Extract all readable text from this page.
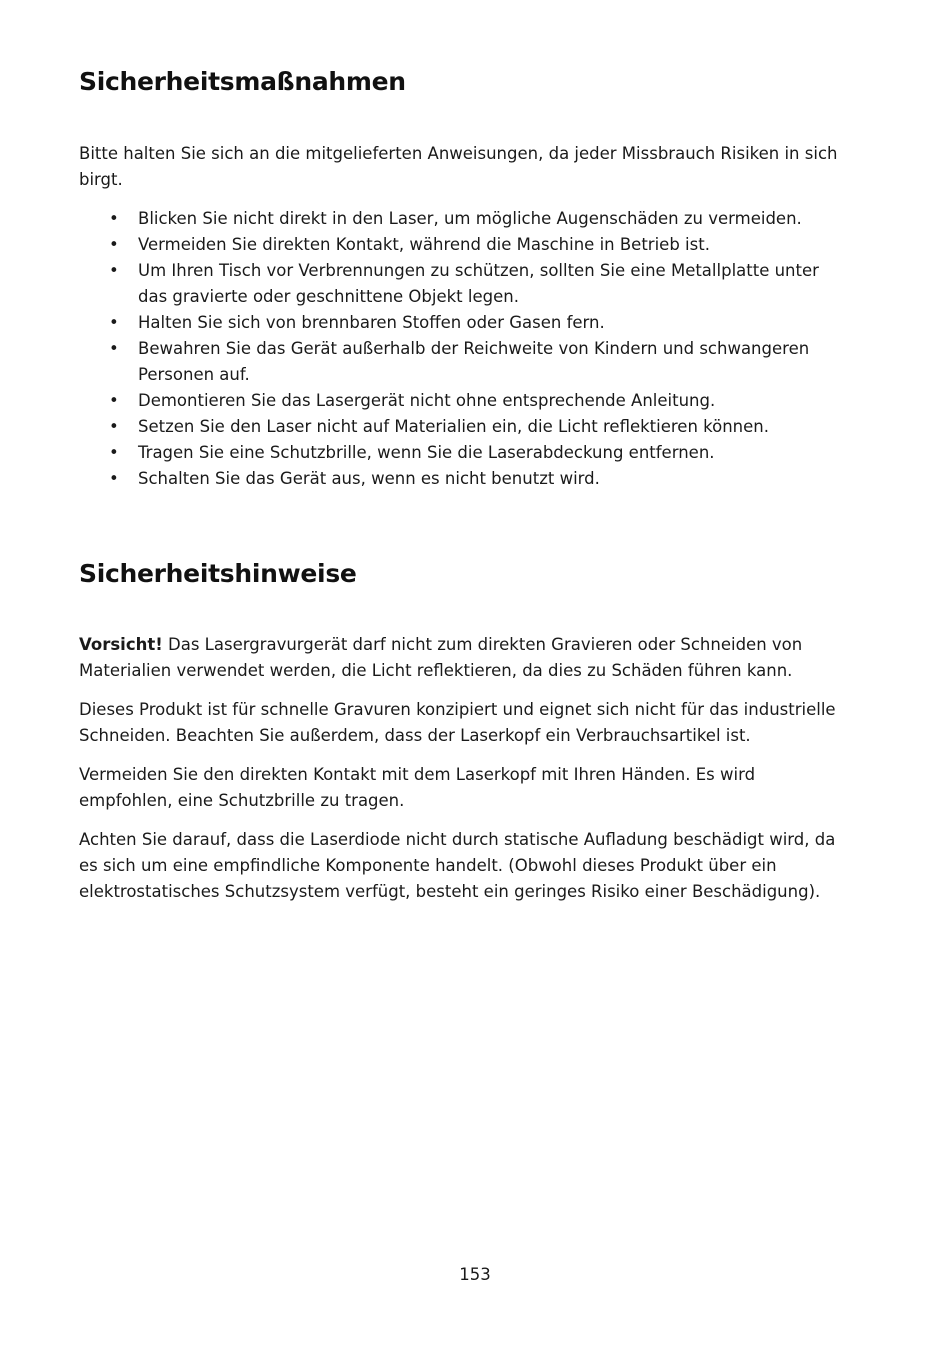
Sicherheitsmaßnahmen

Bitte halten Sie sich an die mitgelieferten Anweisungen, da jeder Missbrauch Risiken in sich birgt.

• Blicken Sie nicht direkt in den Laser, um mögliche Augenschäden zu vermeiden.
• Vermeiden Sie direkten Kontakt, während die Maschine in Betrieb ist.
• Um Ihren Tisch vor Verbrennungen zu schützen, sollten Sie eine Metallplatte unter das gravierte oder geschnittene Objekt legen.
• Halten Sie sich von brennbaren Stoffen oder Gasen fern.
• Bewahren Sie das Gerät außerhalb der Reichweite von Kindern und schwangeren Personen auf.
• Demontieren Sie das Lasergerät nicht ohne entsprechende Anleitung.
• Setzen Sie den Laser nicht auf Materialien ein, die Licht reflektieren können.
• Tragen Sie eine Schutzbrille, wenn Sie die Laserabdeckung entfernen.
• Schalten Sie das Gerät aus, wenn es nicht benutzt wird.
Sicherheitshinweise

Vorsicht! Das Lasergravurgerät darf nicht zum direkten Gravieren oder Schneiden von Materialien verwendet werden, die Licht reflektieren, da dies zu Schäden führen kann.

Dieses Produkt ist für schnelle Gravuren konzipiert und eignet sich nicht für das industrielle Schneiden. Beachten Sie außerdem, dass der Laserkopf ein Verbrauchsartikel ist.

Vermeiden Sie den direkten Kontakt mit dem Laserkopf mit Ihren Händen. Es wird empfohlen, eine Schutzbrille zu tragen.

Achten Sie darauf, dass die Laserdiode nicht durch statische Aufladung beschädigt wird, da es sich um eine empfindliche Komponente handelt. (Obwohl dieses Produkt über ein elektrostatisches Schutzsystem verfügt, besteht ein geringes Risiko einer Beschädigung).

153
